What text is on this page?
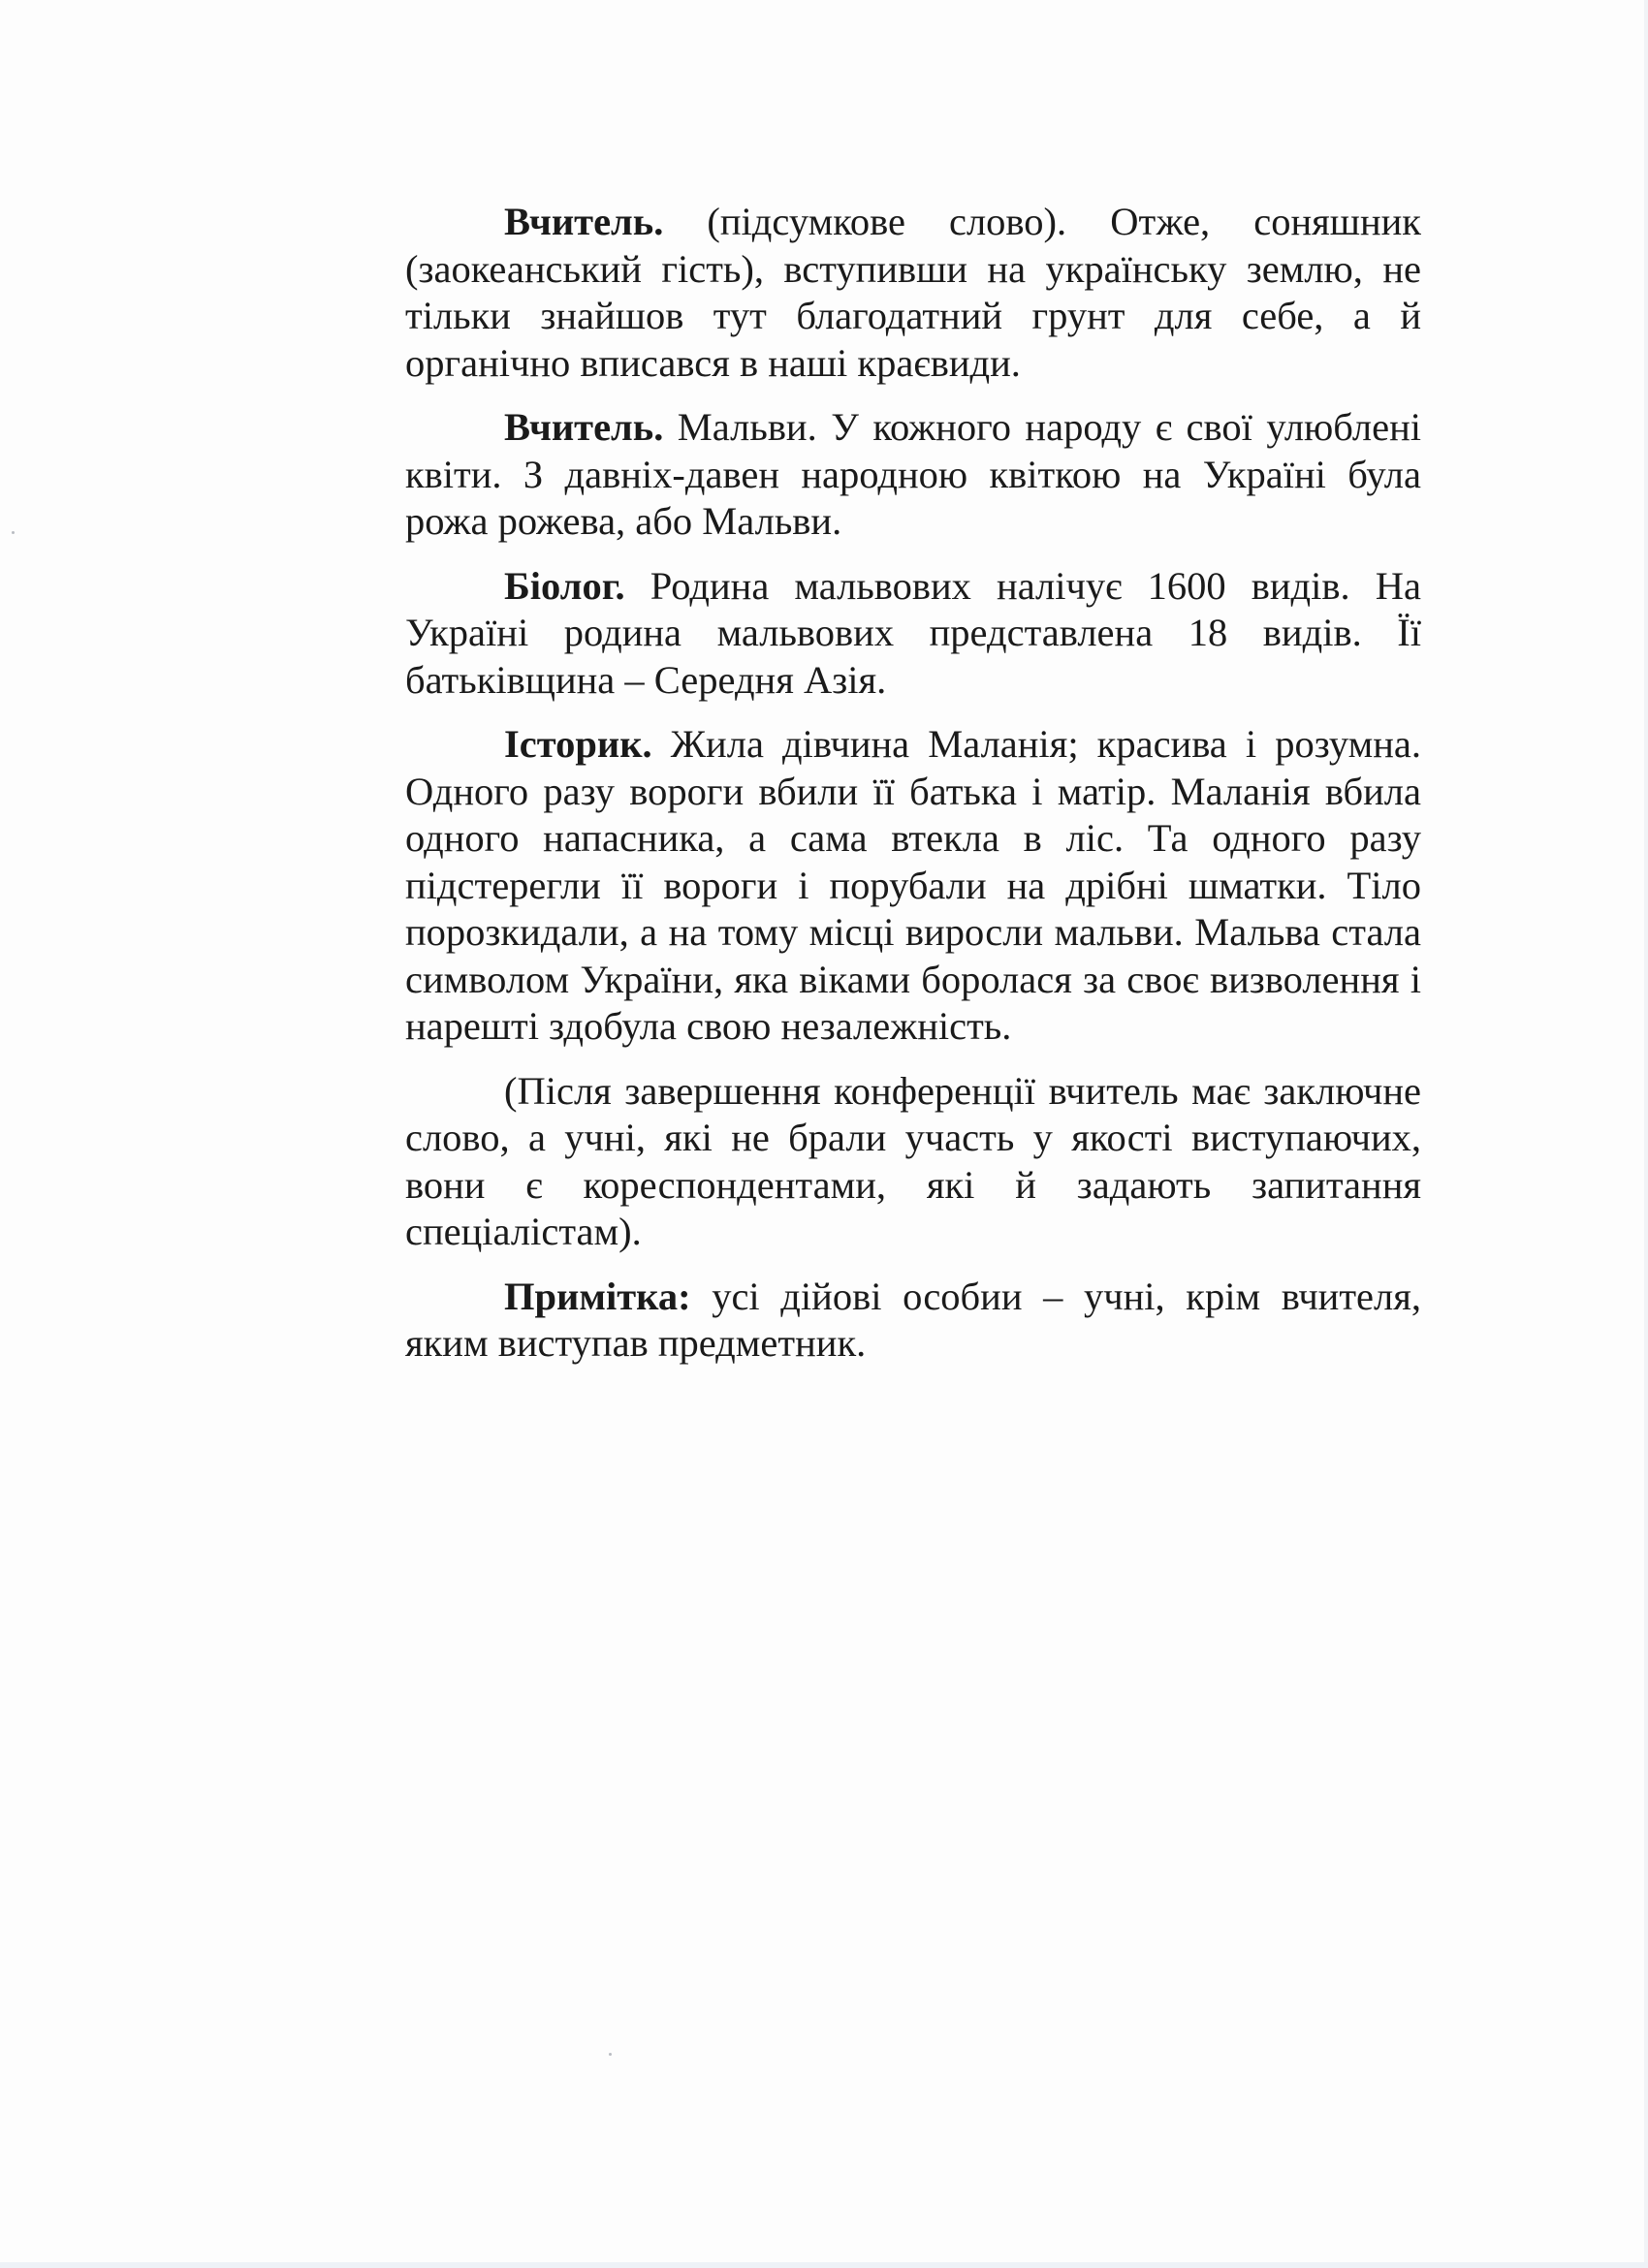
Вчитель. (підсумкове слово). Отже, соняшник (заокеанський гість), вступивши на українську землю, не тільки знайшов тут благодатний грунт для себе, а й органічно вписався в наші краєвиди.

Вчитель. Мальви. У кожного народу є свої улюблені квіти. З давніх-давен народною квіткою на Україні була рожа рожева, або Мальви.

Біолог. Родина мальвових налічує 1600 видів. На Україні родина мальвових представлена 18 видів. Її батьківщина – Середня Азія.

Історик. Жила дівчина Маланія; красива і розумна. Одного разу вороги вбили її батька і матір. Маланія вбила одного напасника, а сама втекла в ліс. Та одного разу підстерегли її вороги і порубали на дрібні шматки. Тіло порозкидали, а на тому місці виросли мальви. Мальва стала символом України, яка віками боролася за своє визволення і нарешті здобула свою незалежність.

(Після завершення конференції вчитель має заключне слово, а учні, які не брали участь у якості виступаючих, вони є кореспондентами, які й задають запитання спеціалістам).

Примітка: усі дійові особии – учні, крім вчителя, яким виступав предметник.
